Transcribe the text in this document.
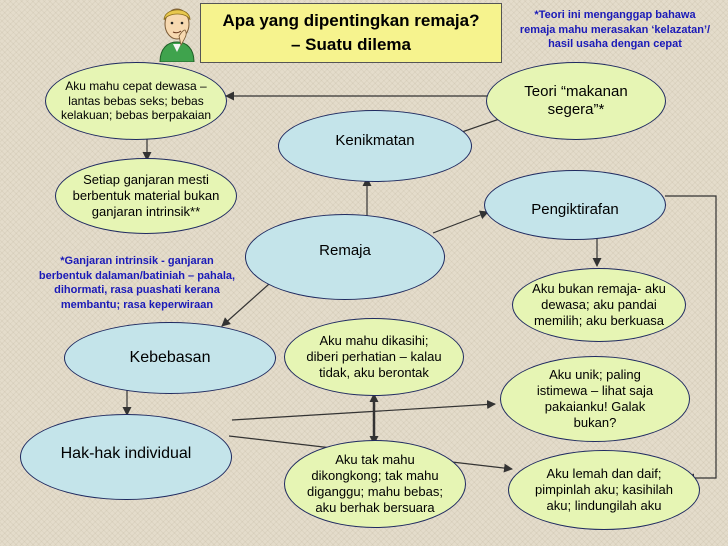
Apa yang dipentingkan remaja?
– Suatu dilema
*Teori ini menganggap bahawa
remaja mahu merasakan ‘kelazatan’/
hasil usaha dengan cepat
*Ganjaran intrinsik - ganjaran
berbentuk dalaman/batiniah – pahala,
dihormati, rasa puashati kerana
membantu; rasa keperwiraan
Aku mahu cepat dewasa –
lantas bebas seks; bebas
kelakuan; bebas berpakaian
Teori “makanan
segera”*
Kenikmatan
Setiap ganjaran mesti
berbentuk material bukan
ganjaran intrinsik**	Pengiktirafan
Remaja
Aku bukan remaja- aku
dewasa; aku pandai
memilih; aku berkuasa
Kebebasan
Aku mahu dikasihi;
diberi perhatian – kalau
tidak, aku berontak	Aku unik; paling
istimewa – lihat saja
pakaianku! Galak
bukan?
Hak-hak individual	Aku tak mahu
dikongkong; tak mahu
diganggu; mahu bebas;
aku berhak bersuara
Aku lemah dan daif;
pimpinlah aku; kasihilah
aku; lindungilah aku
